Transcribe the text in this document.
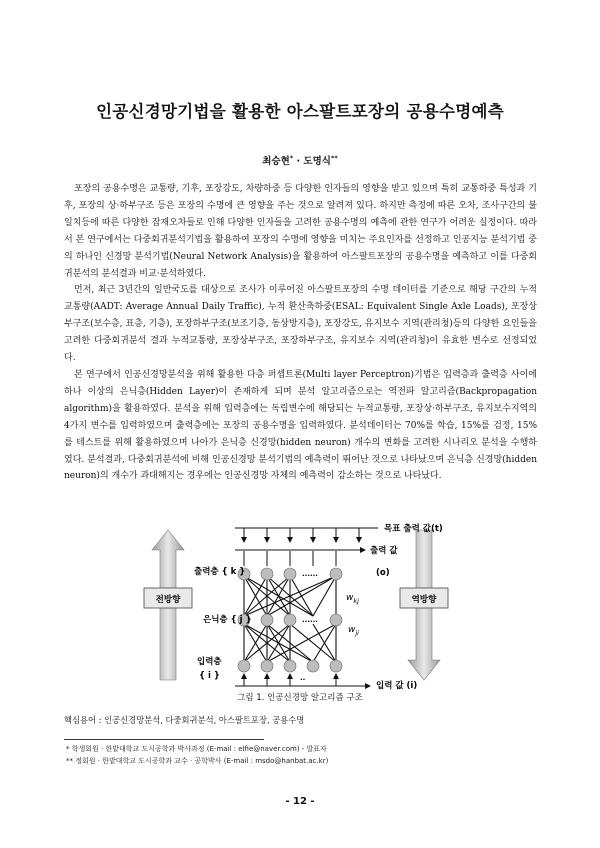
인공신경망기법을 활용한 아스팔트포장의 공용수명예측
최승현* · 도명식**

포장의 공용수명은 교통량, 기후, 포장강도, 차량하중 등 다양한 인자들의 영향을 받고 있으며 특히 교통하중 특성과 기후, 포장의 상·하부구조 등은 포장의 수명에 큰 영향을 주는 것으로 알려져 있다. 하지만 측정에 따른 오차, 조사구간의 불일치등에 따른 다양한 잡재오차들로 인해 다양한 인자들을 고려한 공용수명의 예측에 관한 연구가 어려운 실정이다. 따라서 본 연구에서는 다중회귀분석기법을 활용하여 포장의 수명에 영향을 미치는 주요인자를 선정하고 인공지능 분석기법 중의 하나인 신경망 분석기법(Neural Network Analysis)을 활용하여 아스팔트포장의 공용수명을 예측하고 이를 다중회귀분석의 분석결과 비교·분석하였다.

먼저, 최근 3년간의 일반국도를 대상으로 조사가 이루어진 아스팔트포장의 수명 데이터를 기준으로 해당 구간의 누적 교통량(AADT: Average Annual Daily Traffic), 누적 환산축하중(ESAL: Equivalent Single Axle Loads), 포장상부구조(보수층, 표층, 기층), 포장하부구조(보조기층, 동상방지층), 포장강도, 유지보수 지역(관리청)등의 다양한 요인들을 고려한 다중회귀분석 결과 누적교통량, 포장상부구조, 포장하부구조, 유지보수 지역(관리청)이 유효한 변수로 선정되었다.

본 연구에서 인공신경망분석을 위해 활용한 다층 퍼셉트론(Multi layer Perceptron)기법은 입력층과 출력층 사이에 하나 이상의 은닉층(Hidden Layer)이 존재하게 되며 분석 알고리즘으로는 역전파 알고리즘(Backpropagation algorithm)을 활용하였다. 분석을 위해 입력층에는 독립변수에 해당되는 누적교통량, 포장상·하부구조, 유지보수지역의 4가지 변수를 입력하였으며 출력층에는 포장의 공용수명을 입력하였다. 분석데이터는 70%를 학습, 15%를 검정, 15%를 테스트를 위해 활용하였으며 나아가 은닉층 신경망(hidden neuron) 개수의 변화를 고려한 시나리오 분석을 수행하였다. 분석결과, 다중회귀분석에 비해 인공신경망 분석기법의 예측력이 뛰어난 것으로 나타났으며 은닉층 신경망(hidden neuron)의 개수가 과대해지는 경우에는 인공신경망 자체의 예측력이 감소하는 것으로 나타났다.

전방향	역방향
목표 출력 값(t)
출력 값
(o)
......
......
..
입력 값 (i)
출력층 { k }
은닉층 { j }
입력층
{ i }
$w_{kj}$
$w_{ji}$
그림 1. 인공신경망 알고리즘 구조
핵심용어 : 인공신경망분석, 다중회귀분석, 아스팔트포장, 공용수명
* 학생회원 · 한밭대학교 도시공학과 박사과정 (E-mail : elfie@naver.com) - 발표자
** 정회원 · 한밭대학교 도시공학과 교수 · 공학박사 (E-mail : msdo@hanbat.ac.kr)
- 12 -
